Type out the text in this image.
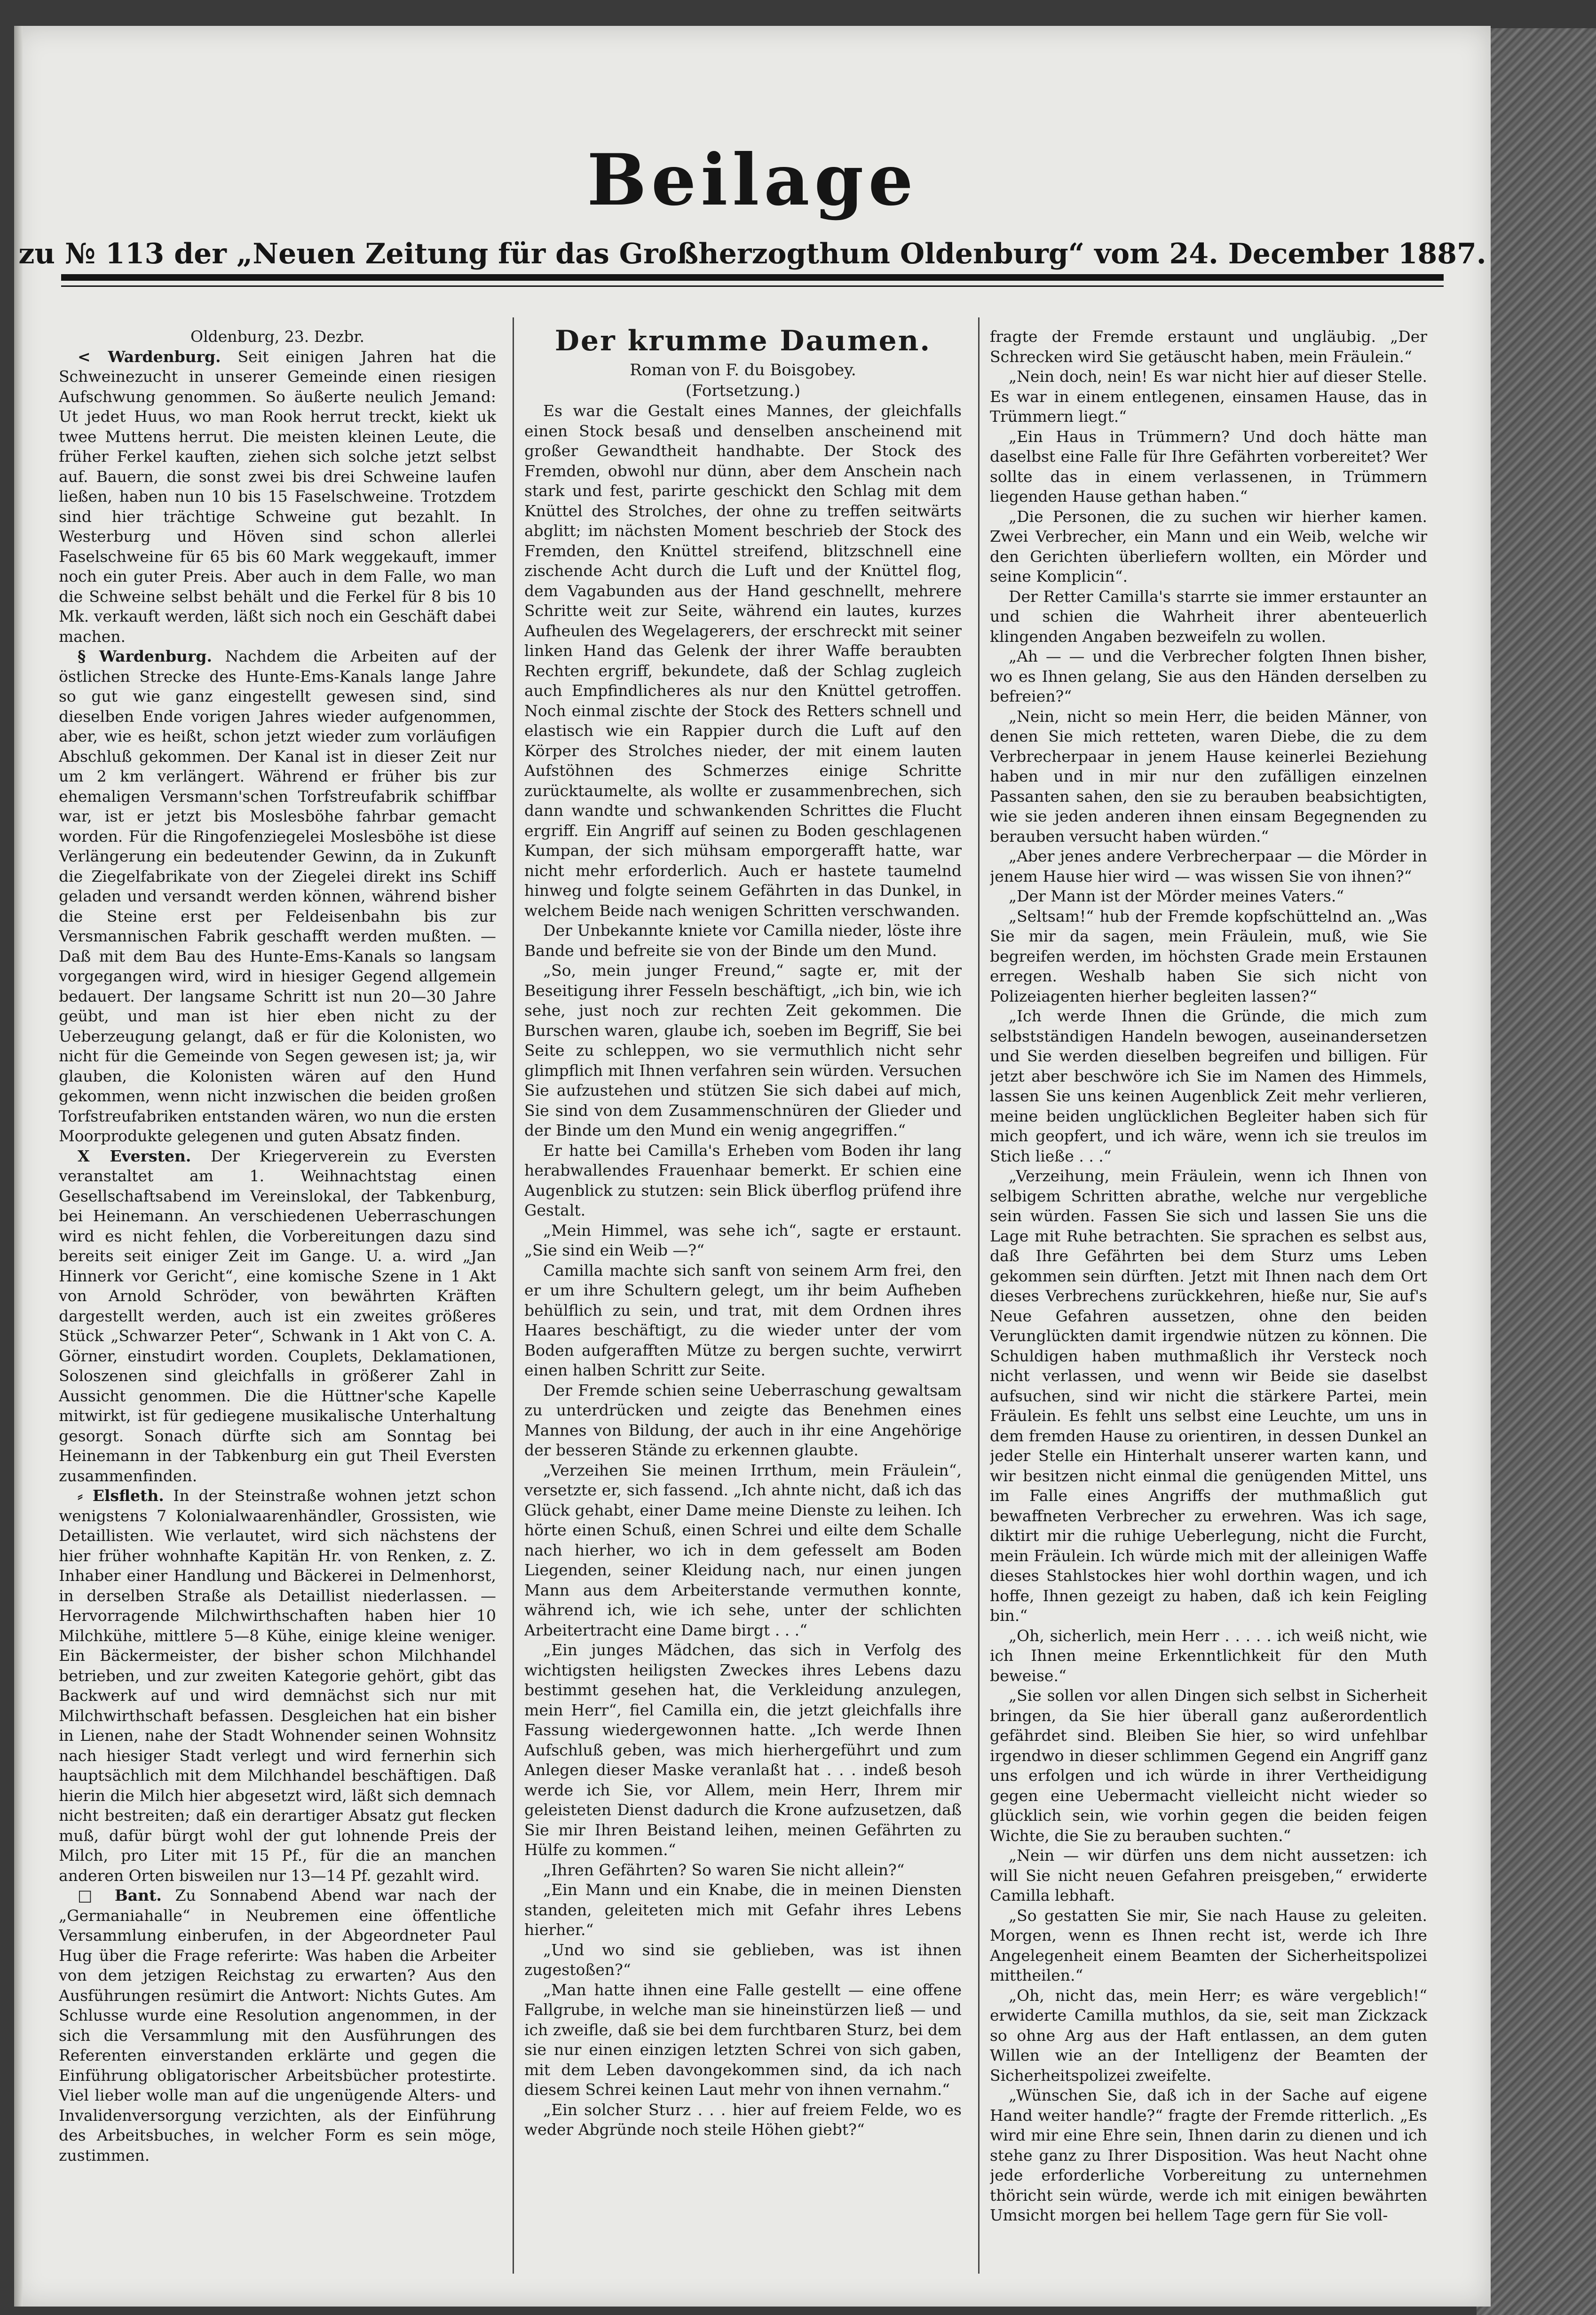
Beilage
zu № 113 der „Neuen Zeitung für das Großherzogthum Oldenburg“ vom 24. December 1887.

Oldenburg, 23. Dezbr.

< Wardenburg. Seit einigen Jahren hat die Schweinezucht in unserer Gemeinde einen riesigen Aufschwung genommen. So äußerte neulich Jemand: Ut jedet Huus, wo man Rook herrut treckt, kiekt uk twee Muttens herrut. Die meisten kleinen Leute, die früher Ferkel kauften, ziehen sich solche jetzt selbst auf. Bauern, die sonst zwei bis drei Schweine laufen ließen, haben nun 10 bis 15 Faselschweine. Trotzdem sind hier trächtige Schweine gut bezahlt. In Westerburg und Höven sind schon allerlei Faselschweine für 65 bis 60 Mark weggekauft, immer noch ein guter Preis. Aber auch in dem Falle, wo man die Schweine selbst behält und die Ferkel für 8 bis 10 Mk. verkauft werden, läßt sich noch ein Geschäft dabei machen.

§ Wardenburg. Nachdem die Arbeiten auf der östlichen Strecke des Hunte-Ems-Kanals lange Jahre so gut wie ganz eingestellt gewesen sind, sind dieselben Ende vorigen Jahres wieder aufgenommen, aber, wie es heißt, schon jetzt wieder zum vorläufigen Abschluß gekommen. Der Kanal ist in dieser Zeit nur um 2 km verlängert. Während er früher bis zur ehemaligen Versmann'schen Torfstreufabrik schiffbar war, ist er jetzt bis Moslesböhe fahrbar gemacht worden. Für die Ringofenziegelei Moslesböhe ist diese Verlängerung ein bedeutender Gewinn, da in Zukunft die Ziegelfabrikate von der Ziegelei direkt ins Schiff geladen und versandt werden können, während bisher die Steine erst per Feldeisenbahn bis zur Versmannischen Fabrik geschafft werden mußten. — Daß mit dem Bau des Hunte-Ems-Kanals so langsam vorgegangen wird, wird in hiesiger Gegend allgemein bedauert. Der langsame Schritt ist nun 20—30 Jahre geübt, und man ist hier eben nicht zu der Ueberzeugung gelangt, daß er für die Kolonisten, wo nicht für die Gemeinde von Segen gewesen ist; ja, wir glauben, die Kolonisten wären auf den Hund gekommen, wenn nicht inzwischen die beiden großen Torfstreufabriken entstanden wären, wo nun die ersten Moorprodukte gelegenen und guten Absatz finden.

X Eversten. Der Kriegerverein zu Eversten veranstaltet am 1. Weihnachtstag einen Gesellschaftsabend im Vereinslokal, der Tabkenburg, bei Heinemann. An verschiedenen Ueberraschungen wird es nicht fehlen, die Vorbereitungen dazu sind bereits seit einiger Zeit im Gange. U. a. wird „Jan Hinnerk vor Gericht“, eine komische Szene in 1 Akt von Arnold Schröder, von bewährten Kräften dargestellt werden, auch ist ein zweites größeres Stück „Schwarzer Peter“, Schwank in 1 Akt von C. A. Görner, einstudirt worden. Couplets, Deklamationen, Soloszenen sind gleichfalls in größerer Zahl in Aussicht genommen. Die die Hüttner'sche Kapelle mitwirkt, ist für gediegene musikalische Unterhaltung gesorgt. Sonach dürfte sich am Sonntag bei Heinemann in der Tabkenburg ein gut Theil Eversten zusammenfinden.

⸗ Elsfleth. In der Steinstraße wohnen jetzt schon wenigstens 7 Kolonialwaarenhändler, Grossisten, wie Detaillisten. Wie verlautet, wird sich nächstens der hier früher wohnhafte Kapitän Hr. von Renken, z. Z. Inhaber einer Handlung und Bäckerei in Delmenhorst, in derselben Straße als Detaillist niederlassen. — Hervorragende Milchwirthschaften haben hier 10 Milchkühe, mittlere 5—8 Kühe, einige kleine weniger. Ein Bäckermeister, der bisher schon Milchhandel betrieben, und zur zweiten Kategorie gehört, gibt das Backwerk auf und wird demnächst sich nur mit Milchwirthschaft befassen. Desgleichen hat ein bisher in Lienen, nahe der Stadt Wohnender seinen Wohnsitz nach hiesiger Stadt verlegt und wird fernerhin sich hauptsächlich mit dem Milchhandel beschäftigen. Daß hierin die Milch hier abgesetzt wird, läßt sich demnach nicht bestreiten; daß ein derartiger Absatz gut flecken muß, dafür bürgt wohl der gut lohnende Preis der Milch, pro Liter mit 15 Pf., für die an manchen anderen Orten bisweilen nur 13—14 Pf. gezahlt wird.

□ Bant. Zu Sonnabend Abend war nach der „Germaniahalle“ in Neubremen eine öffentliche Versammlung einberufen, in der Abgeordneter Paul Hug über die Frage referirte: Was haben die Arbeiter von dem jetzigen Reichstag zu erwarten? Aus den Ausführungen resümirt die Antwort: Nichts Gutes. Am Schlusse wurde eine Resolution angenommen, in der sich die Versammlung mit den Ausführungen des Referenten einverstanden erklärte und gegen die Einführung obligatorischer Arbeitsbücher protestirte. Viel lieber wolle man auf die ungenügende Alters- und Invalidenversorgung verzichten, als der Einführung des Arbeitsbuches, in welcher Form es sein möge, zustimmen.

Der krumme Daumen.
Roman von F. du Boisgobey.
(Fortsetzung.)

Es war die Gestalt eines Mannes, der gleichfalls einen Stock besaß und denselben anscheinend mit großer Gewandtheit handhabte. Der Stock des Fremden, obwohl nur dünn, aber dem Anschein nach stark und fest, parirte geschickt den Schlag mit dem Knüttel des Strolches, der ohne zu treffen seitwärts abglitt; im nächsten Moment beschrieb der Stock des Fremden, den Knüttel streifend, blitzschnell eine zischende Acht durch die Luft und der Knüttel flog, dem Vagabunden aus der Hand geschnellt, mehrere Schritte weit zur Seite, während ein lautes, kurzes Aufheulen des Wegelagerers, der erschreckt mit seiner linken Hand das Gelenk der ihrer Waffe beraubten Rechten ergriff, bekundete, daß der Schlag zugleich auch Empfindlicheres als nur den Knüttel getroffen. Noch einmal zischte der Stock des Retters schnell und elastisch wie ein Rappier durch die Luft auf den Körper des Strolches nieder, der mit einem lauten Aufstöhnen des Schmerzes einige Schritte zurücktaumelte, als wollte er zusammenbrechen, sich dann wandte und schwankenden Schrittes die Flucht ergriff. Ein Angriff auf seinen zu Boden geschlagenen Kumpan, der sich mühsam emporgerafft hatte, war nicht mehr erforderlich. Auch er hastete taumelnd hinweg und folgte seinem Gefährten in das Dunkel, in welchem Beide nach wenigen Schritten verschwanden.

Der Unbekannte kniete vor Camilla nieder, löste ihre Bande und befreite sie von der Binde um den Mund.

„So, mein junger Freund,“ sagte er, mit der Beseitigung ihrer Fesseln beschäftigt, „ich bin, wie ich sehe, just noch zur rechten Zeit gekommen. Die Burschen waren, glaube ich, soeben im Begriff, Sie bei Seite zu schleppen, wo sie vermuthlich nicht sehr glimpflich mit Ihnen verfahren sein würden. Versuchen Sie aufzustehen und stützen Sie sich dabei auf mich, Sie sind von dem Zusammenschnüren der Glieder und der Binde um den Mund ein wenig angegriffen.“

Er hatte bei Camilla's Erheben vom Boden ihr lang herabwallendes Frauenhaar bemerkt. Er schien eine Augenblick zu stutzen: sein Blick überflog prüfend ihre Gestalt.

„Mein Himmel, was sehe ich“, sagte er erstaunt. „Sie sind ein Weib —?“

Camilla machte sich sanft von seinem Arm frei, den er um ihre Schultern gelegt, um ihr beim Aufheben behülflich zu sein, und trat, mit dem Ordnen ihres Haares beschäftigt, zu die wieder unter der vom Boden aufgerafften Mütze zu bergen suchte, verwirrt einen halben Schritt zur Seite.

Der Fremde schien seine Ueberraschung gewaltsam zu unterdrücken und zeigte das Benehmen eines Mannes von Bildung, der auch in ihr eine Angehörige der besseren Stände zu erkennen glaubte.

„Verzeihen Sie meinen Irrthum, mein Fräulein“, versetzte er, sich fassend. „Ich ahnte nicht, daß ich das Glück gehabt, einer Dame meine Dienste zu leihen. Ich hörte einen Schuß, einen Schrei und eilte dem Schalle nach hierher, wo ich in dem gefesselt am Boden Liegenden, seiner Kleidung nach, nur einen jungen Mann aus dem Arbeiterstande vermuthen konnte, während ich, wie ich sehe, unter der schlichten Arbeitertracht eine Dame birgt . . .“

„Ein junges Mädchen, das sich in Verfolg des wichtigsten heiligsten Zweckes ihres Lebens dazu bestimmt gesehen hat, die Verkleidung anzulegen, mein Herr“, fiel Camilla ein, die jetzt gleichfalls ihre Fassung wiedergewonnen hatte. „Ich werde Ihnen Aufschluß geben, was mich hierhergeführt und zum Anlegen dieser Maske veranlaßt hat . . . indeß besoh werde ich Sie, vor Allem, mein Herr, Ihrem mir geleisteten Dienst dadurch die Krone aufzusetzen, daß Sie mir Ihren Beistand leihen, meinen Gefährten zu Hülfe zu kommen.“

„Ihren Gefährten? So waren Sie nicht allein?“

„Ein Mann und ein Knabe, die in meinen Diensten standen, geleiteten mich mit Gefahr ihres Lebens hierher.“

„Und wo sind sie geblieben, was ist ihnen zugestoßen?“

„Man hatte ihnen eine Falle gestellt — eine offene Fallgrube, in welche man sie hineinstürzen ließ — und ich zweifle, daß sie bei dem furchtbaren Sturz, bei dem sie nur einen einzigen letzten Schrei von sich gaben, mit dem Leben davongekommen sind, da ich nach diesem Schrei keinen Laut mehr von ihnen vernahm.“

„Ein solcher Sturz . . . hier auf freiem Felde, wo es weder Abgründe noch steile Höhen giebt?“

fragte der Fremde erstaunt und ungläubig. „Der Schrecken wird Sie getäuscht haben, mein Fräulein.“

„Nein doch, nein! Es war nicht hier auf dieser Stelle. Es war in einem entlegenen, einsamen Hause, das in Trümmern liegt.“

„Ein Haus in Trümmern? Und doch hätte man daselbst eine Falle für Ihre Gefährten vorbereitet? Wer sollte das in einem verlassenen, in Trümmern liegenden Hause gethan haben.“

„Die Personen, die zu suchen wir hierher kamen. Zwei Verbrecher, ein Mann und ein Weib, welche wir den Gerichten überliefern wollten, ein Mörder und seine Komplicin“.

Der Retter Camilla's starrte sie immer erstaunter an und schien die Wahrheit ihrer abenteuerlich klingenden Angaben bezweifeln zu wollen.

„Ah — — und die Verbrecher folgten Ihnen bisher, wo es Ihnen gelang, Sie aus den Händen derselben zu befreien?“

„Nein, nicht so mein Herr, die beiden Männer, von denen Sie mich retteten, waren Diebe, die zu dem Verbrecherpaar in jenem Hause keinerlei Beziehung haben und in mir nur den zufälligen einzelnen Passanten sahen, den sie zu berauben beabsichtigten, wie sie jeden anderen ihnen einsam Begegnenden zu berauben versucht haben würden.“

„Aber jenes andere Verbrecherpaar — die Mörder in jenem Hause hier wird — was wissen Sie von ihnen?“

„Der Mann ist der Mörder meines Vaters.“

„Seltsam!“ hub der Fremde kopfschüttelnd an. „Was Sie mir da sagen, mein Fräulein, muß, wie Sie begreifen werden, im höchsten Grade mein Erstaunen erregen. Weshalb haben Sie sich nicht von Polizeiagenten hierher begleiten lassen?“

„Ich werde Ihnen die Gründe, die mich zum selbstständigen Handeln bewogen, auseinandersetzen und Sie werden dieselben begreifen und billigen. Für jetzt aber beschwöre ich Sie im Namen des Himmels, lassen Sie uns keinen Augenblick Zeit mehr verlieren, meine beiden unglücklichen Begleiter haben sich für mich geopfert, und ich wäre, wenn ich sie treulos im Stich ließe . . .“

„Verzeihung, mein Fräulein, wenn ich Ihnen von selbigem Schritten abrathe, welche nur vergebliche sein würden. Fassen Sie sich und lassen Sie uns die Lage mit Ruhe betrachten. Sie sprachen es selbst aus, daß Ihre Gefährten bei dem Sturz ums Leben gekommen sein dürften. Jetzt mit Ihnen nach dem Ort dieses Verbrechens zurückkehren, hieße nur, Sie auf's Neue Gefahren aussetzen, ohne den beiden Verunglückten damit irgendwie nützen zu können. Die Schuldigen haben muthmaßlich ihr Versteck noch nicht verlassen, und wenn wir Beide sie daselbst aufsuchen, sind wir nicht die stärkere Partei, mein Fräulein. Es fehlt uns selbst eine Leuchte, um uns in dem fremden Hause zu orientiren, in dessen Dunkel an jeder Stelle ein Hinterhalt unserer warten kann, und wir besitzen nicht einmal die genügenden Mittel, uns im Falle eines Angriffs der muthmaßlich gut bewaffneten Verbrecher zu erwehren. Was ich sage, diktirt mir die ruhige Ueberlegung, nicht die Furcht, mein Fräulein. Ich würde mich mit der alleinigen Waffe dieses Stahlstockes hier wohl dorthin wagen, und ich hoffe, Ihnen gezeigt zu haben, daß ich kein Feigling bin.“

„Oh, sicherlich, mein Herr . . . . . ich weiß nicht, wie ich Ihnen meine Erkenntlichkeit für den Muth beweise.“

„Sie sollen vor allen Dingen sich selbst in Sicherheit bringen, da Sie hier überall ganz außerordentlich gefährdet sind. Bleiben Sie hier, so wird unfehlbar irgendwo in dieser schlimmen Gegend ein Angriff ganz uns erfolgen und ich würde in ihrer Vertheidigung gegen eine Uebermacht vielleicht nicht wieder so glücklich sein, wie vorhin gegen die beiden feigen Wichte, die Sie zu berauben suchten.“

„Nein — wir dürfen uns dem nicht aussetzen: ich will Sie nicht neuen Gefahren preisgeben,“ erwiderte Camilla lebhaft.

„So gestatten Sie mir, Sie nach Hause zu geleiten. Morgen, wenn es Ihnen recht ist, werde ich Ihre Angelegenheit einem Beamten der Sicherheitspolizei mittheilen.“

„Oh, nicht das, mein Herr; es wäre vergeblich!“ erwiderte Camilla muthlos, da sie, seit man Zickzack so ohne Arg aus der Haft entlassen, an dem guten Willen wie an der Intelligenz der Beamten der Sicherheitspolizei zweifelte.

„Wünschen Sie, daß ich in der Sache auf eigene Hand weiter handle?“ fragte der Fremde ritterlich. „Es wird mir eine Ehre sein, Ihnen darin zu dienen und ich stehe ganz zu Ihrer Disposition. Was heut Nacht ohne jede erforderliche Vorbereitung zu unternehmen thöricht sein würde, werde ich mit einigen bewährten Umsicht morgen bei hellem Tage gern für Sie voll-
